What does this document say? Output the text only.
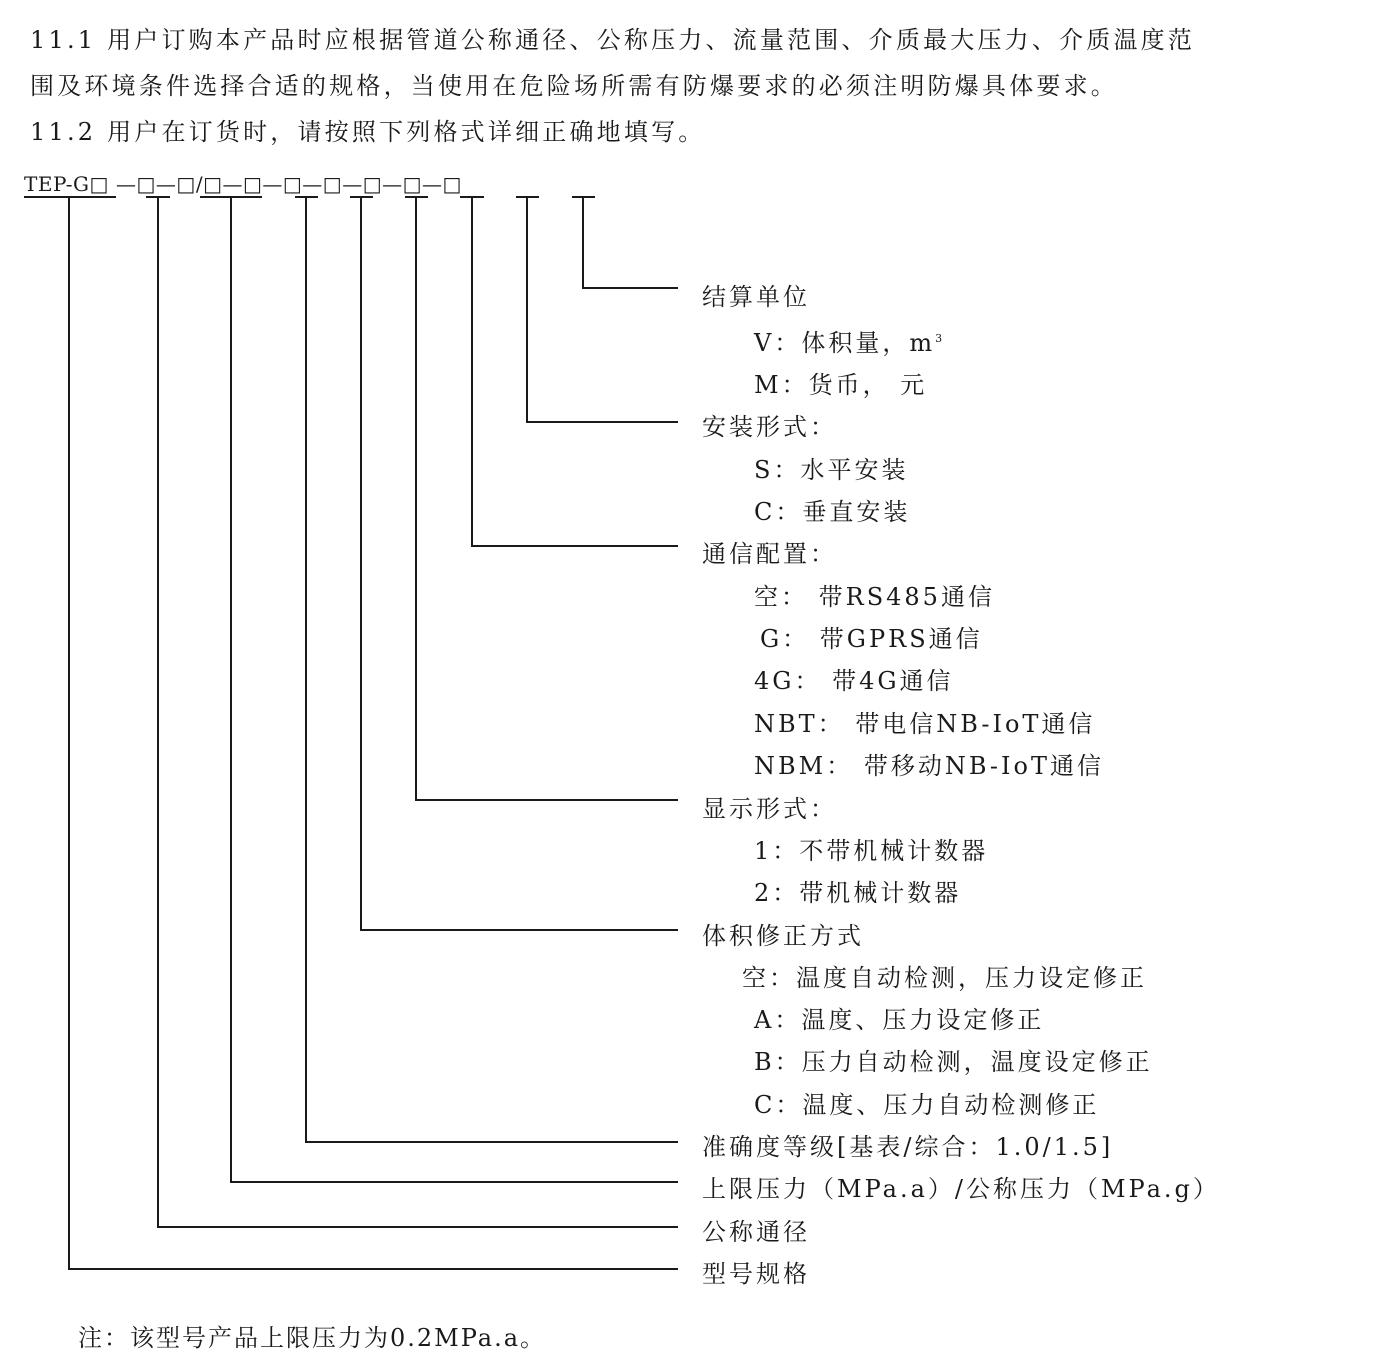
11.1 用户订购本产品时应根据管道公称通径、公称压力、流量范围、介质最大压力、介质温度范
围及环境条件选择合适的规格，当使用在危险场所需有防爆要求的必须注明防爆具体要求。
11.2 用户在订货时，请按照下列格式详细正确地填写。
TEP-G□ —□—□/□—□—□—□—□—□—□
结算单位
V：体积量，$m^3$
M：货币， 元
安装形式：
S：水平安装
C：垂直安装
通信配置：
空： 带RS485通信
G： 带GPRS通信
4G： 带4G通信
NBT： 带电信NB-IoT通信
NBM： 带移动NB-IoT通信
显示形式：
1：不带机械计数器
2：带机械计数器
体积修正方式
空：温度自动检测，压力设定修正
A：温度、压力设定修正
B：压力自动检测，温度设定修正
C：温度、压力自动检测修正
准确度等级[基表/综合：1.0/1.5]
上限压力（MPa.a）/公称压力（MPa.g）
公称通径
型号规格
注：该型号产品上限压力为0.2MPa.a。
